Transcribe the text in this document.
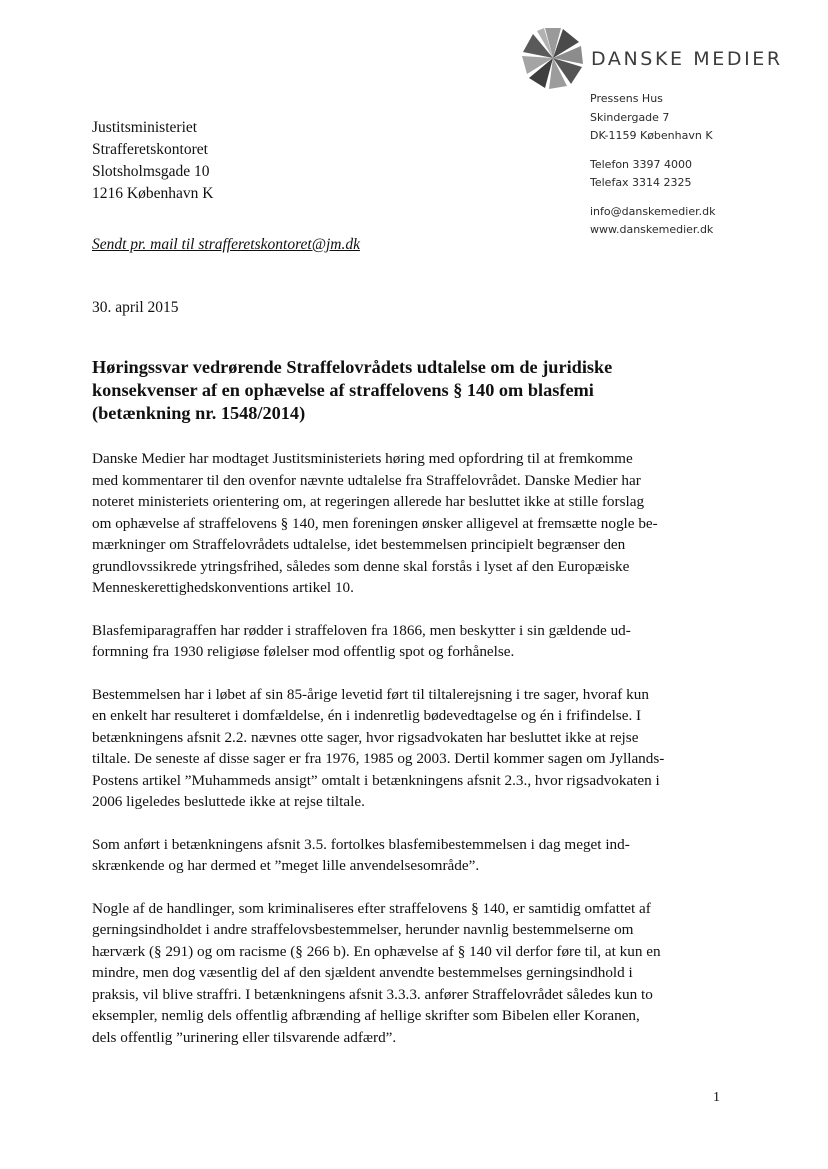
DANSKE MEDIER
Pressens Hus
Skindergade 7
DK-1159 København K
Telefon 3397 4000
Telefax 3314 2325
info@danskemedier.dk
www.danskemedier.dk
Justitsministeriet
Strafferetskontoret
Slotsholmsgade 10
1216 København K
Sendt pr. mail til strafferetskontoret@jm.dk
30. april 2015
Høringssvar vedrørende Straffelovrådets udtalelse om de juridiske
konsekvenser af en ophævelse af straffelovens § 140 om blasfemi
(betænkning nr. 1548/2014)
Danske Medier har modtaget Justitsministeriets høring med opfordring til at fremkomme
med kommentarer til den ovenfor nævnte udtalelse fra Straffelovrådet. Danske Medier har
noteret ministeriets orientering om, at regeringen allerede har besluttet ikke at stille forslag
om ophævelse af straffelovens § 140, men foreningen ønsker alligevel at fremsætte nogle be-
mærkninger om Straffelovrådets udtalelse, idet bestemmelsen principielt begrænser den
grundlovssikrede ytringsfrihed, således som denne skal forstås i lyset af den Europæiske
Menneskerettighedskonventions artikel 10.
Blasfemiparagraffen har rødder i straffeloven fra 1866, men beskytter i sin gældende ud-
formning fra 1930 religiøse følelser mod offentlig spot og forhånelse.
Bestemmelsen har i løbet af sin 85-årige levetid ført til tiltalerejsning i tre sager, hvoraf kun
en enkelt har resulteret i domfældelse, én i indenretlig bødevedtagelse og én i frifindelse. I
betænkningens afsnit 2.2. nævnes otte sager, hvor rigsadvokaten har besluttet ikke at rejse
tiltale. De seneste af disse sager er fra 1976, 1985 og 2003. Dertil kommer sagen om Jyllands-
Postens artikel ”Muhammeds ansigt” omtalt i betænkningens afsnit 2.3., hvor rigsadvokaten i
2006 ligeledes besluttede ikke at rejse tiltale.
Som anført i betænkningens afsnit 3.5. fortolkes blasfemibestemmelsen i dag meget ind-
skrænkende og har dermed et ”meget lille anvendelsesområde”.
Nogle af de handlinger, som kriminaliseres efter straffelovens § 140, er samtidig omfattet af
gerningsindholdet i andre straffelovsbestemmelser, herunder navnlig bestemmelserne om
hærværk (§ 291) og om racisme (§ 266 b). En ophævelse af § 140 vil derfor føre til, at kun en
mindre, men dog væsentlig del af den sjældent anvendte bestemmelses gerningsindhold i
praksis, vil blive straffri. I betænkningens afsnit 3.3.3. anfører Straffelovrådet således kun to
eksempler, nemlig dels offentlig afbrænding af hellige skrifter som Bibelen eller Koranen,
dels offentlig ”urinering eller tilsvarende adfærd”.
1
